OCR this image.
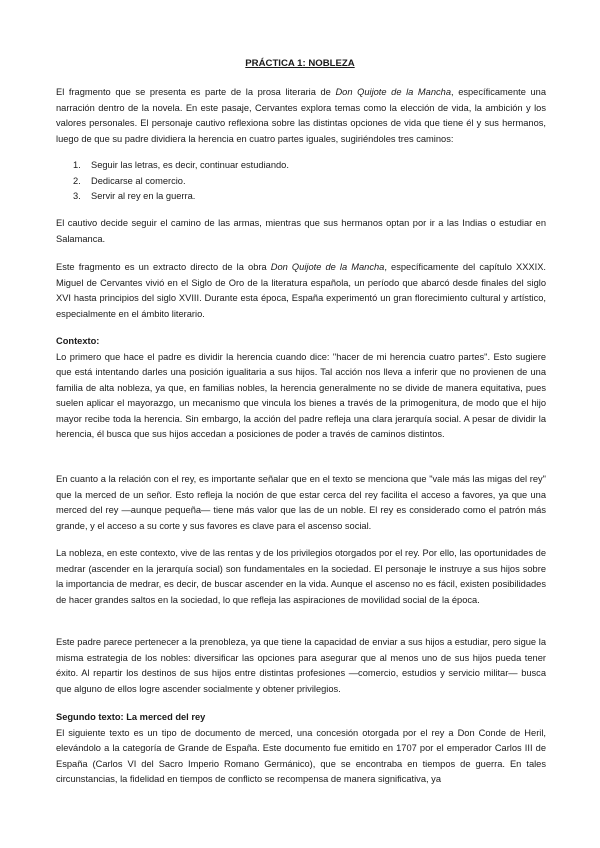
PRÁCTICA 1: NOBLEZA

El fragmento que se presenta es parte de la prosa literaria de Don Quijote de la Mancha, específicamente una narración dentro de la novela. En este pasaje, Cervantes explora temas como la elección de vida, la ambición y los valores personales. El personaje cautivo reflexiona sobre las distintas opciones de vida que tiene él y sus hermanos, luego de que su padre dividiera la herencia en cuatro partes iguales, sugiriéndoles tres caminos:

1. Seguir las letras, es decir, continuar estudiando.
2. Dedicarse al comercio.
3. Servir al rey en la guerra.

El cautivo decide seguir el camino de las armas, mientras que sus hermanos optan por ir a las Indias o estudiar en Salamanca.

Este fragmento es un extracto directo de la obra Don Quijote de la Mancha, específicamente del capítulo XXXIX. Miguel de Cervantes vivió en el Siglo de Oro de la literatura española, un período que abarcó desde finales del siglo XVI hasta principios del siglo XVIII. Durante esta época, España experimentó un gran florecimiento cultural y artístico, especialmente en el ámbito literario.

Contexto:

Lo primero que hace el padre es dividir la herencia cuando dice: "hacer de mi herencia cuatro partes". Esto sugiere que está intentando darles una posición igualitaria a sus hijos. Tal acción nos lleva a inferir que no provienen de una familia de alta nobleza, ya que, en familias nobles, la herencia generalmente no se divide de manera equitativa, pues suelen aplicar el mayorazgo, un mecanismo que vincula los bienes a través de la primogenitura, de modo que el hijo mayor recibe toda la herencia. Sin embargo, la acción del padre refleja una clara jerarquía social. A pesar de dividir la herencia, él busca que sus hijos accedan a posiciones de poder a través de caminos distintos.

En cuanto a la relación con el rey, es importante señalar que en el texto se menciona que "vale más las migas del rey" que la merced de un señor. Esto refleja la noción de que estar cerca del rey facilita el acceso a favores, ya que una merced del rey —aunque pequeña— tiene más valor que las de un noble. El rey es considerado como el patrón más grande, y el acceso a su corte y sus favores es clave para el ascenso social.

La nobleza, en este contexto, vive de las rentas y de los privilegios otorgados por el rey. Por ello, las oportunidades de medrar (ascender en la jerarquía social) son fundamentales en la sociedad. El personaje le instruye a sus hijos sobre la importancia de medrar, es decir, de buscar ascender en la vida. Aunque el ascenso no es fácil, existen posibilidades de hacer grandes saltos en la sociedad, lo que refleja las aspiraciones de movilidad social de la época.

Este padre parece pertenecer a la prenobleza, ya que tiene la capacidad de enviar a sus hijos a estudiar, pero sigue la misma estrategia de los nobles: diversificar las opciones para asegurar que al menos uno de sus hijos pueda tener éxito. Al repartir los destinos de sus hijos entre distintas profesiones —comercio, estudios y servicio militar— busca que alguno de ellos logre ascender socialmente y obtener privilegios.

Segundo texto: La merced del rey

El siguiente texto es un tipo de documento de merced, una concesión otorgada por el rey a Don Conde de Heril, elevándolo a la categoría de Grande de España. Este documento fue emitido en 1707 por el emperador Carlos III de España (Carlos VI del Sacro Imperio Romano Germánico), que se encontraba en tiempos de guerra. En tales circunstancias, la fidelidad en tiempos de conflicto se recompensa de manera significativa, ya
